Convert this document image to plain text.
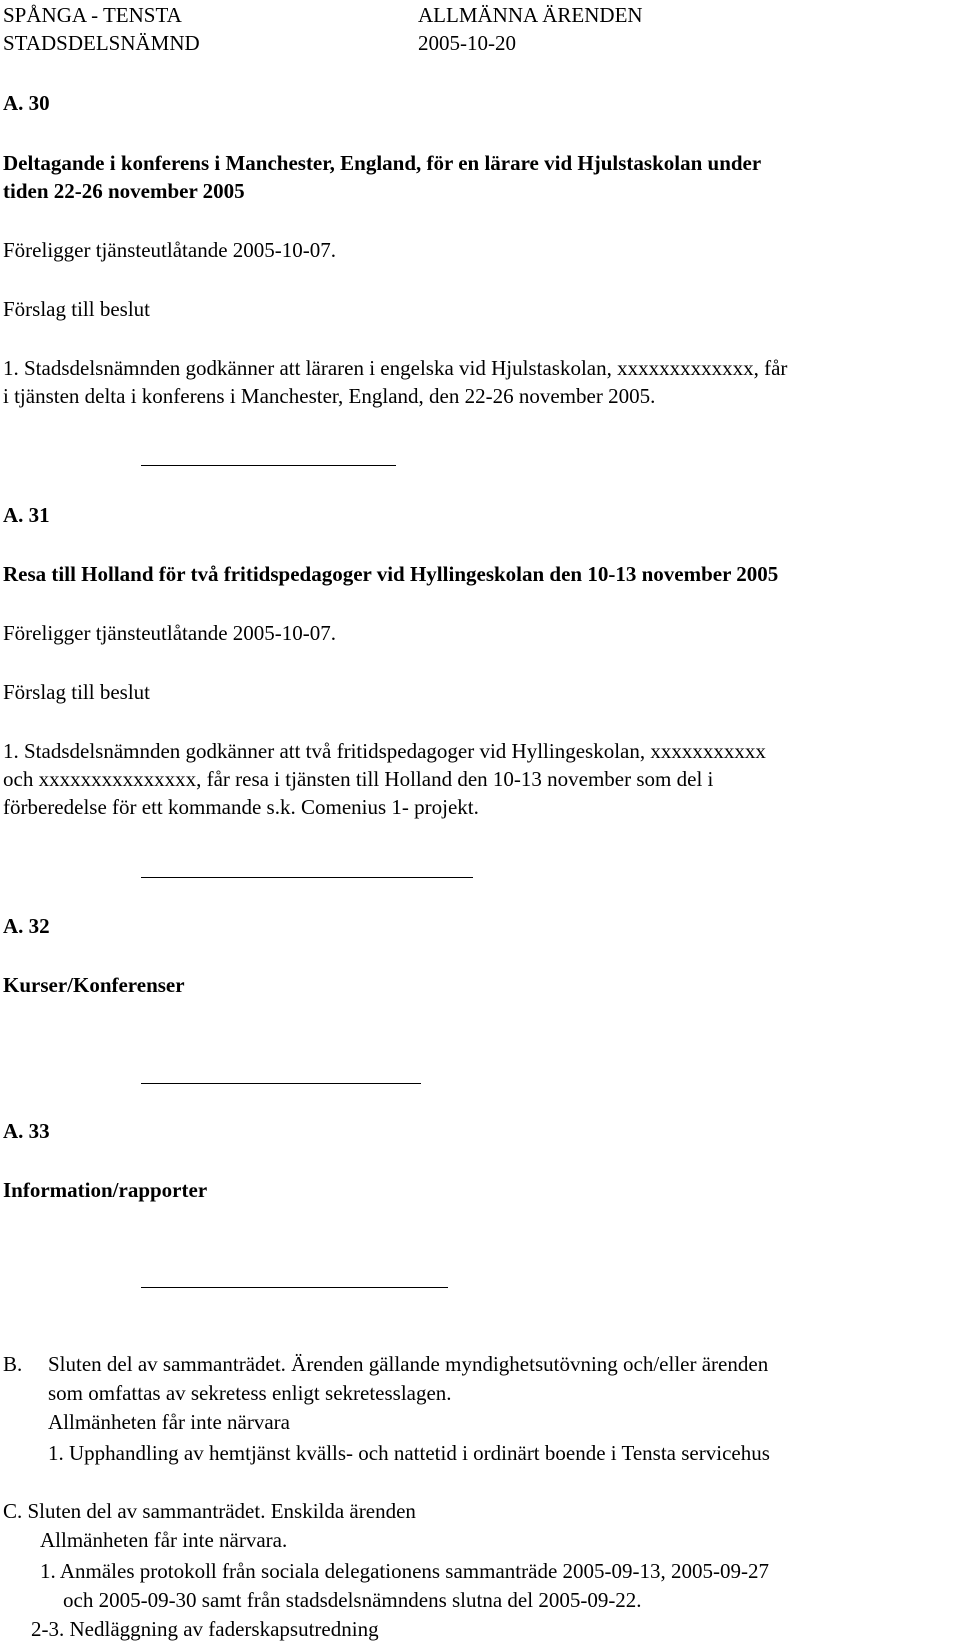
SPÅNGA - TENSTA
STADSDELSNÄMND
ALLMÄNNA ÄRENDEN
2005-10-20
A. 30
Deltagande i konferens i Manchester, England, för en lärare vid Hjulstaskolan under
tiden 22-26 november 2005
Föreligger tjänsteutlåtande 2005-10-07.
Förslag till beslut
1. Stadsdelsnämnden godkänner att läraren i engelska vid Hjulstaskolan, xxxxxxxxxxxxx, får
i tjänsten delta i konferens i Manchester, England, den 22-26 november 2005.
A. 31
Resa till Holland för två fritidspedagoger vid Hyllingeskolan den 10-13 november 2005
Föreligger tjänsteutlåtande 2005-10-07.
Förslag till beslut
1. Stadsdelsnämnden godkänner att två fritidspedagoger vid Hyllingeskolan, xxxxxxxxxxx
och xxxxxxxxxxxxxxx, får resa i tjänsten till Holland den 10-13 november som del i
förberedelse för ett kommande s.k. Comenius 1- projekt.
A. 32
Kurser/Konferenser
A. 33
Information/rapporter
B. Sluten del av sammanträdet. Ärenden gällande myndighetsutövning och/eller ärenden
som omfattas av sekretess enligt sekretesslagen.
Allmänheten får inte närvara
1. Upphandling av hemtjänst kvälls- och nattetid i ordinärt boende i Tensta servicehus
C. Sluten del av sammanträdet. Enskilda ärenden
Allmänheten får inte närvara.
1. Anmäles protokoll från sociala delegationens sammanträde 2005-09-13, 2005-09-27
och 2005-09-30 samt från stadsdelsnämndens slutna del 2005-09-22.
2-3. Nedläggning av faderskapsutredning
